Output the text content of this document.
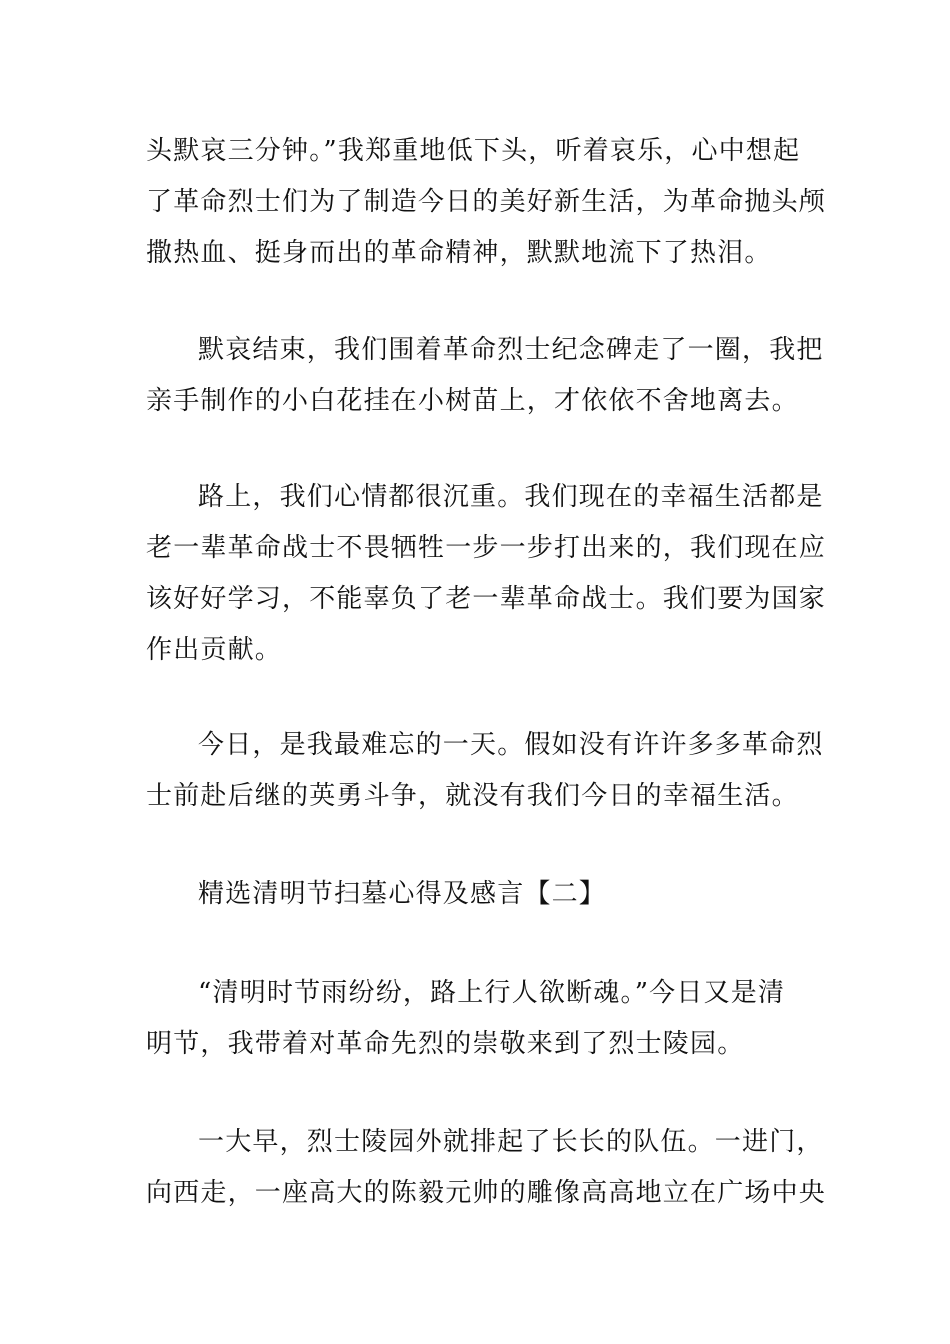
头默哀三分钟。”我郑重地低下头，听着哀乐，心中想起
了革命烈士们为了制造今日的美好新生活，为革命抛头颅
撒热血、挺身而出的革命精神，默默地流下了热泪。

默哀结束，我们围着革命烈士纪念碑走了一圈，我把
亲手制作的小白花挂在小树苗上，才依依不舍地离去。

路上，我们心情都很沉重。我们现在的幸福生活都是
老一辈革命战士不畏牺牲一步一步打出来的，我们现在应
该好好学习，不能辜负了老一辈革命战士。我们要为国家
作出贡献。

今日，是我最难忘的一天。假如没有许许多多革命烈
士前赴后继的英勇斗争，就没有我们今日的幸福生活。

精选清明节扫墓心得及感言【二】

“清明时节雨纷纷，路上行人欲断魂。”今日又是清
明节，我带着对革命先烈的崇敬来到了烈士陵园。

一大早，烈士陵园外就排起了长长的队伍。一进门，
向西走，一座高大的陈毅元帅的雕像高高地立在广场中央
